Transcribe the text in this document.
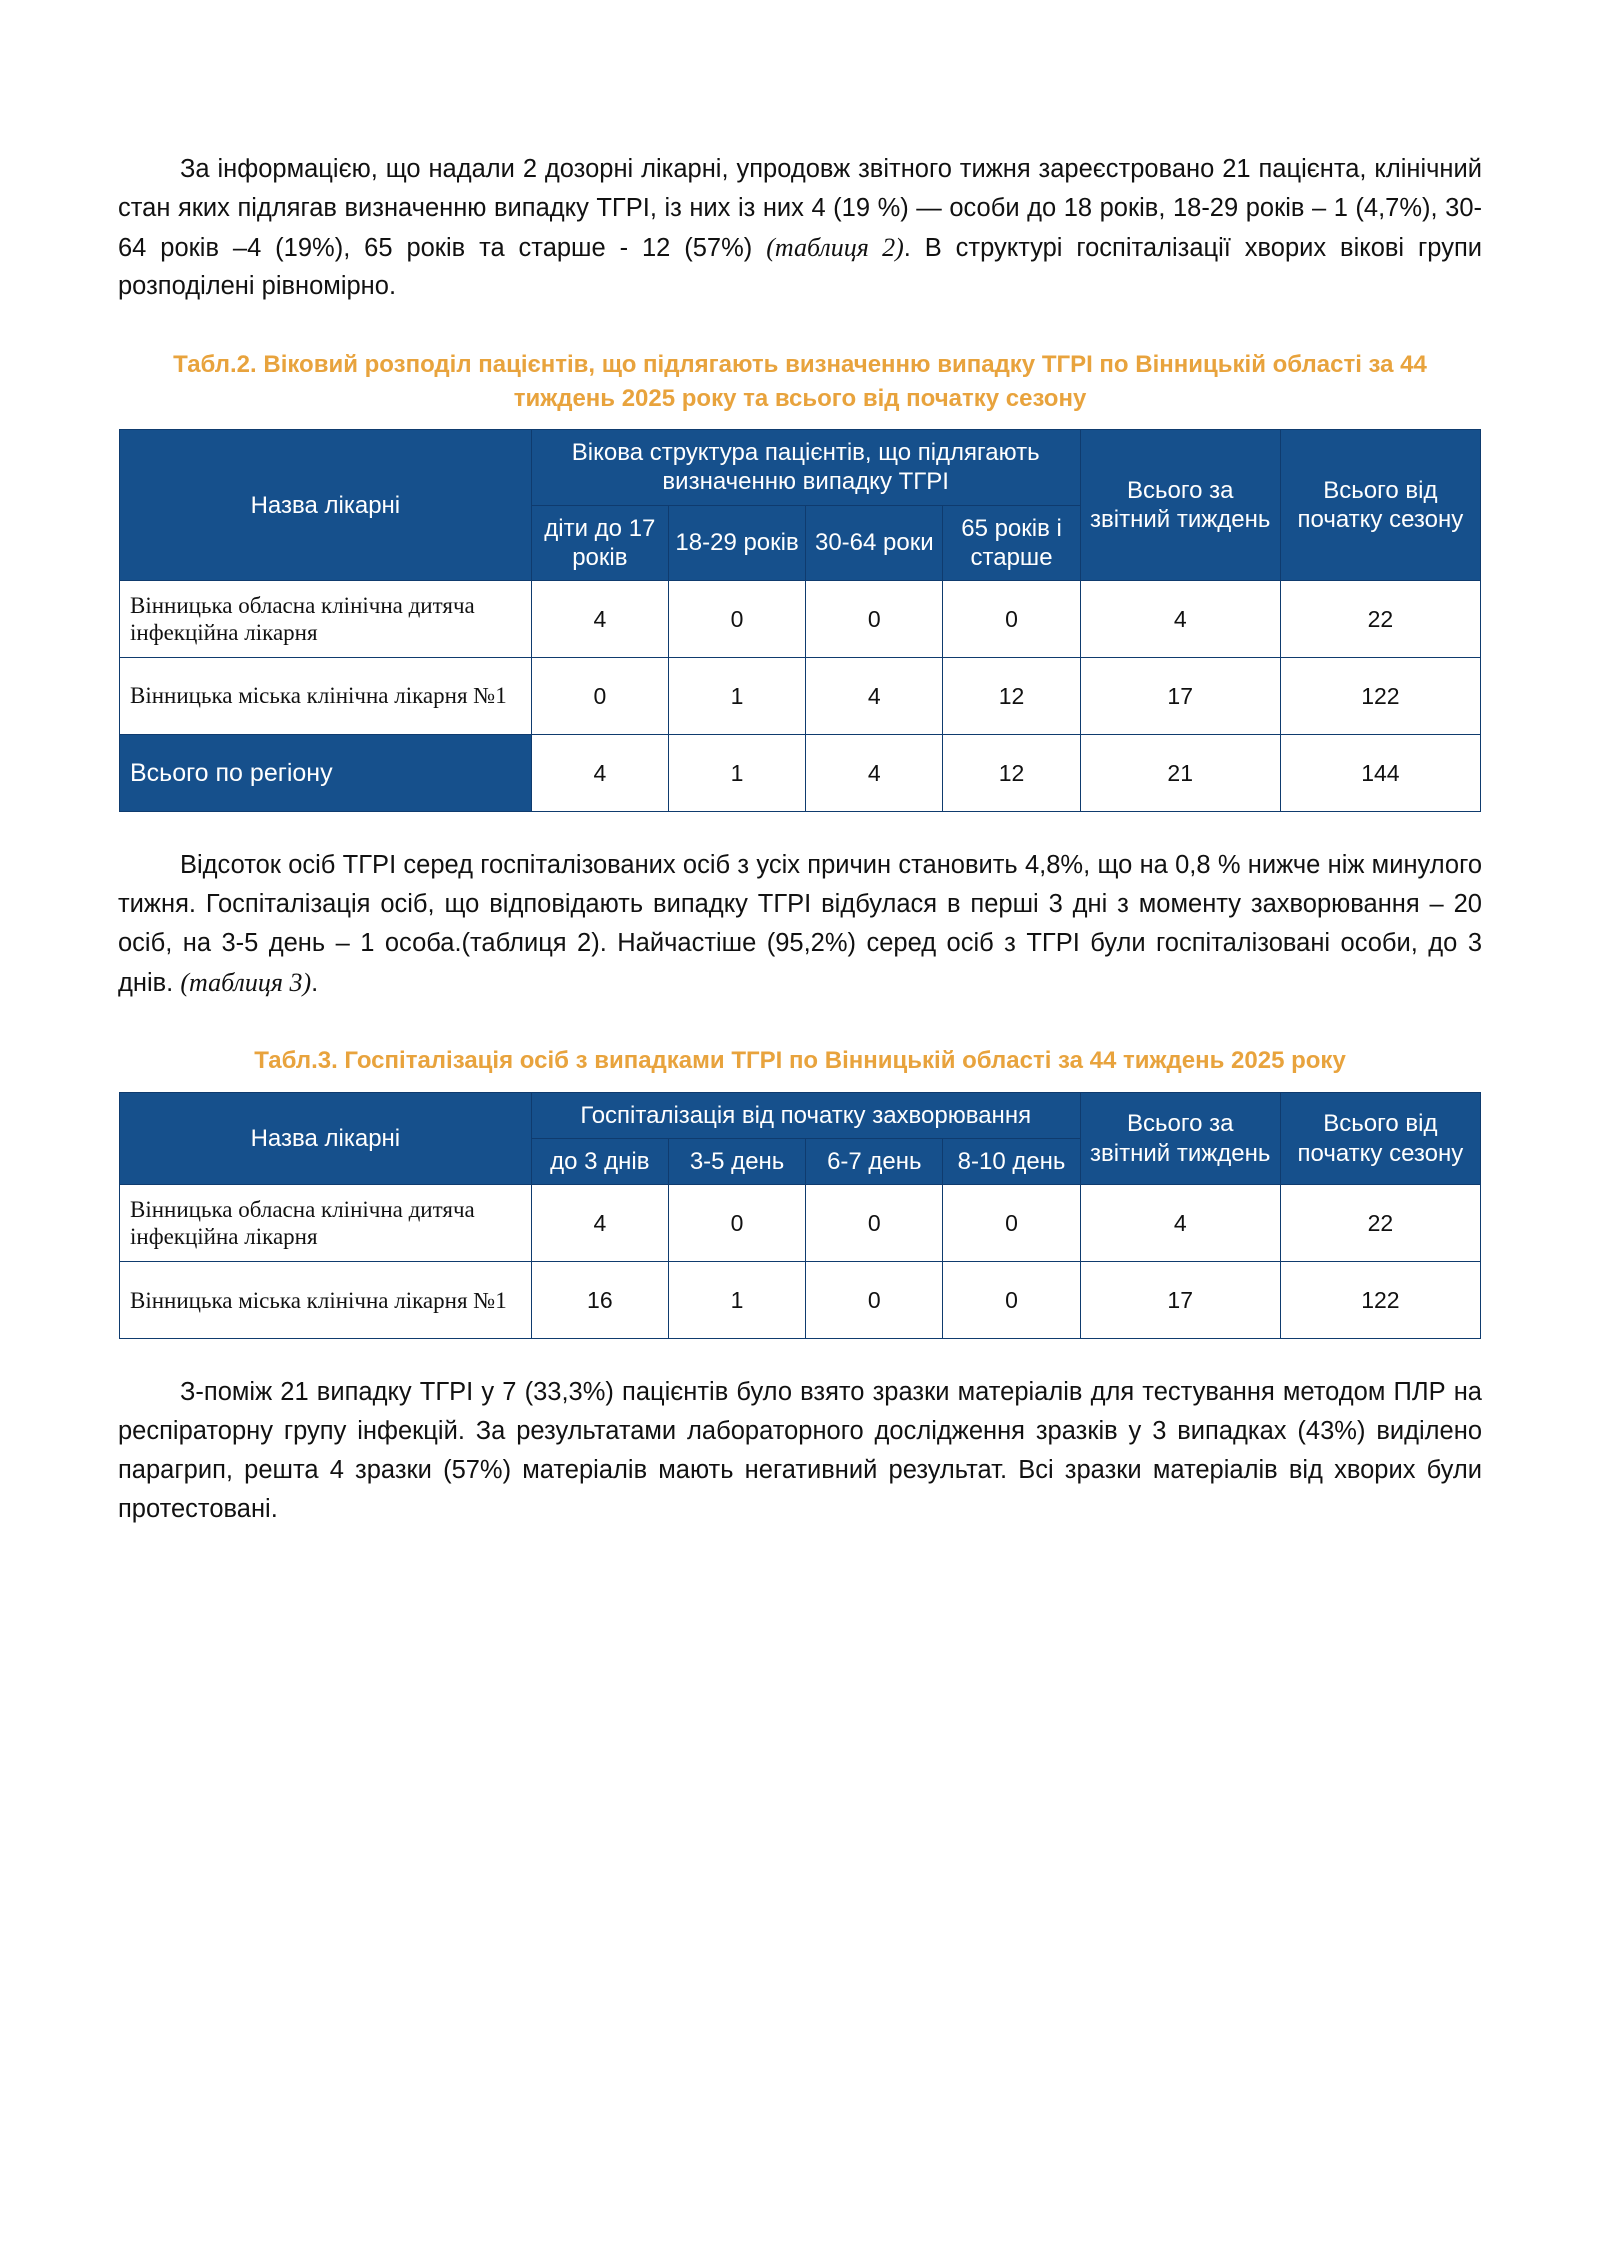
За інформацією, що надали 2 дозорні лікарні, упродовж звітного тижня зареєстровано 21 пацієнта, клінічний стан яких підлягав визначенню випадку ТГРІ, із них із них 4 (19 %) — особи до 18 років, 18-29 років – 1 (4,7%), 30-64 років –4 (19%), 65 років та старше - 12 (57%) (таблиця 2). В структурі госпіталізації хворих вікові групи розподілені рівномірно.

Табл.2. Віковий розподіл пацієнтів, що підлягають визначенню випадку ТГРІ по Вінницькій області за 44 тиждень 2025 року та всього від початку сезону
Назва лікарні	Вікова структура пацієнтів, що підлягають визначенню випадку ТГРІ				Всього за звітний тиждень	Всього від початку сезону
	діти до 17 років	18-29 років	30-64 роки	65 років і старше		
Вінницька обласна клінічна дитяча інфекційна лікарня	4	0	0	0	4	22
Вінницька міська клінічна лікарня №1	0	1	4	12	17	122
Всього по регіону	4	1	4	12	21	144

Відсоток осіб ТГРІ серед госпіталізованих осіб з усіх причин становить 4,8%, що на 0,8 % нижче ніж минулого тижня. Госпіталізація осіб, що відповідають випадку ТГРІ відбулася в перші 3 дні з моменту захворювання – 20 осіб, на 3-5 день – 1 особа.(таблиця 2). Найчастіше (95,2%) серед осіб з ТГРІ були госпіталізовані особи, до 3 днів. (таблиця 3).

Табл.3. Госпіталізація осіб з випадками ТГРІ по Вінницькій області за 44 тиждень 2025 року
Назва лікарні	Госпіталізація від початку захворювання				Всього за звітний тиждень	Всього від початку сезону
	до 3 днів	3-5 день	6-7 день	8-10 день		
Вінницька обласна клінічна дитяча інфекційна лікарня	4	0	0	0	4	22
Вінницька міська клінічна лікарня №1	16	1	0	0	17	122

З-поміж 21 випадку ТГРІ у 7 (33,3%) пацієнтів було взято зразки матеріалів для тестування методом ПЛР на респіраторну групу інфекцій. За результатами лабораторного дослідження зразків у 3 випадках (43%) виділено парагрип, решта 4 зразки (57%) матеріалів мають негативний результат. Всі зразки матеріалів від хворих були протестовані.
